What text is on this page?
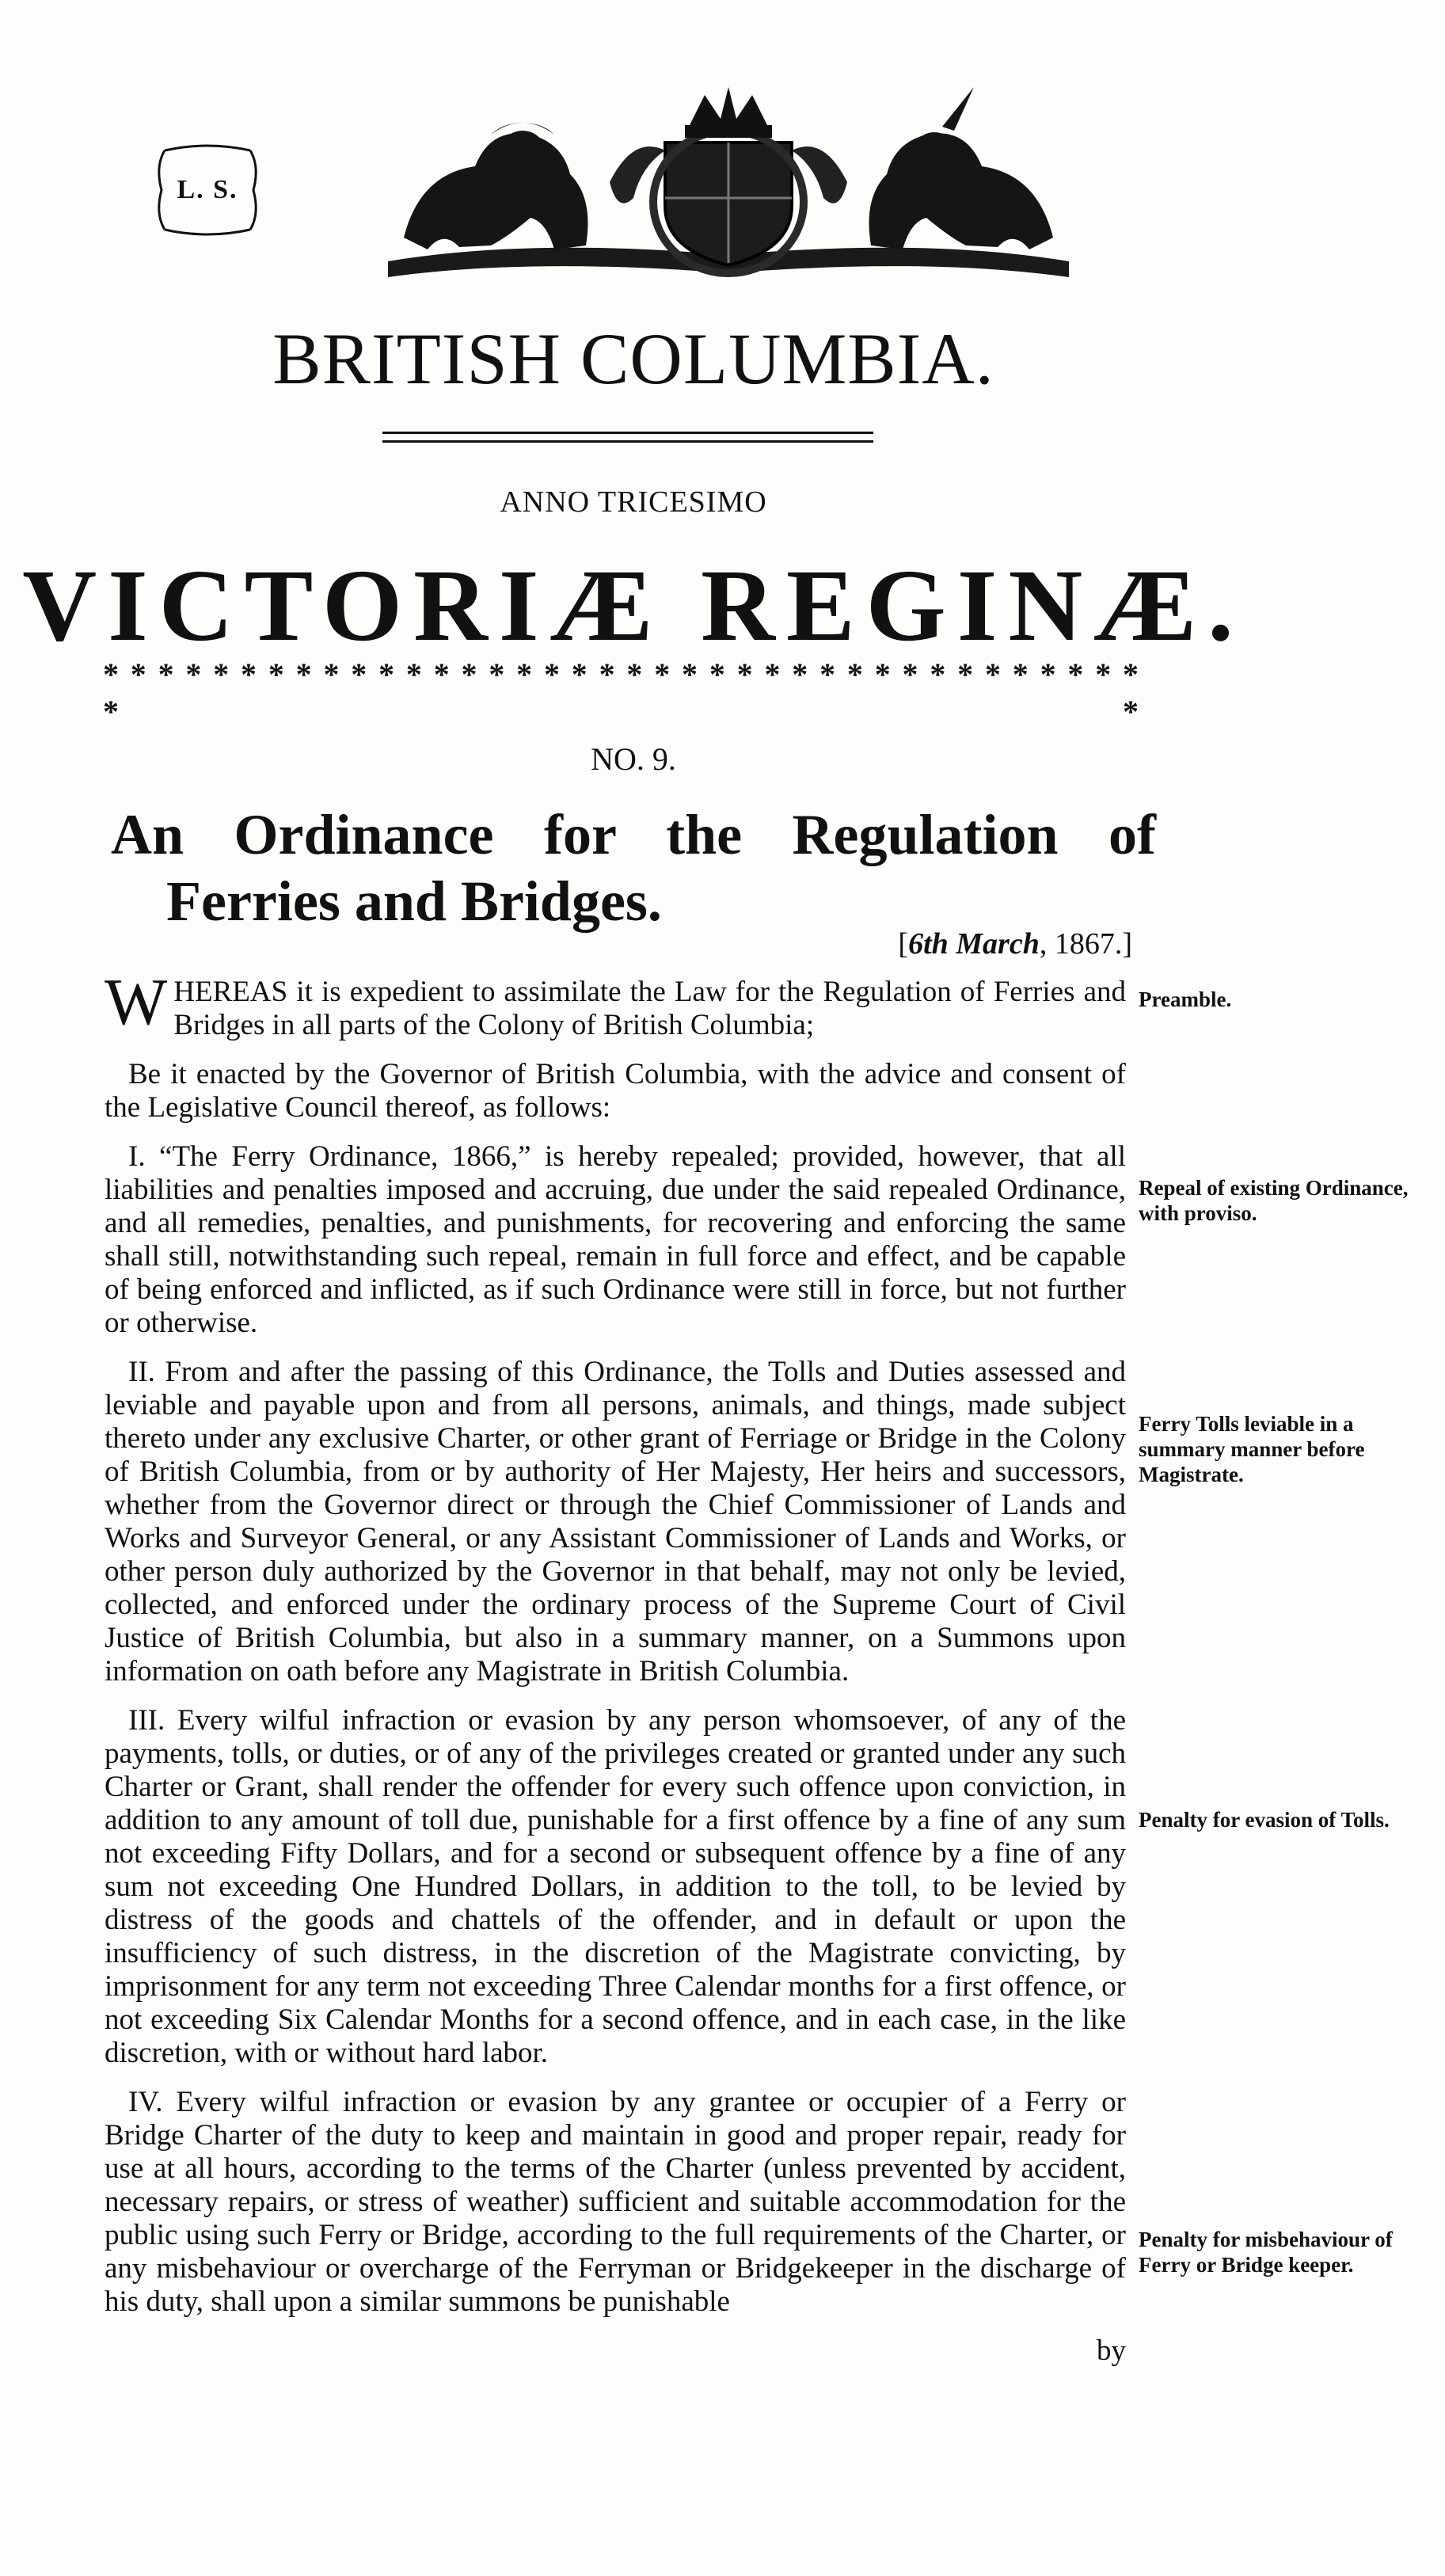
L. S.
BRITISH COLUMBIA.
ANNO TRICESIMO
VICTORIÆ REGINÆ.
* * * * * * * * * * * * * * * * * * * * * * * * * * * * * * * * * * * * * * * *
NO. 9.
An Ordinance for the Regulation of
Ferries and Bridges.
[6th March, 1867.]

WHEREAS it is expedient to assimilate the Law for the Regulation of Ferries and Bridges in all parts of the Colony of British Columbia;

Be it enacted by the Governor of British Columbia, with the advice and consent of the Legislative Council thereof, as follows:

I. “The Ferry Ordinance, 1866,” is hereby repealed; provided, however, that all liabilities and penalties imposed and accruing, due under the said repealed Ordinance, and all remedies, penalties, and punishments, for recovering and enforcing the same shall still, notwithstanding such repeal, remain in full force and effect, and be capable of being enforced and inflicted, as if such Ordinance were still in force, but not further or otherwise.

II. From and after the passing of this Ordinance, the Tolls and Duties assessed and leviable and payable upon and from all persons, animals, and things, made subject thereto under any exclusive Charter, or other grant of Ferriage or Bridge in the Colony of British Columbia, from or by authority of Her Majesty, Her heirs and successors, whether from the Governor direct or through the Chief Commissioner of Lands and Works and Surveyor General, or any Assistant Commissioner of Lands and Works, or other person duly authorized by the Governor in that behalf, may not only be levied, collected, and enforced under the ordinary process of the Supreme Court of Civil Justice of British Columbia, but also in a summary manner, on a Summons upon information on oath before any Magistrate in British Columbia.

III. Every wilful infraction or evasion by any person whomsoever, of any of the payments, tolls, or duties, or of any of the privileges created or granted under any such Charter or Grant, shall render the offender for every such offence upon conviction, in addition to any amount of toll due, punishable for a first offence by a fine of any sum not exceeding Fifty Dollars, and for a second or subsequent offence by a fine of any sum not exceeding One Hundred Dollars, in addition to the toll, to be levied by distress of the goods and chattels of the offender, and in default or upon the insufficiency of such distress, in the discretion of the Magistrate convicting, by imprisonment for any term not exceeding Three Calendar months for a first offence, or not exceeding Six Calendar Months for a second offence, and in each case, in the like discretion, with or without hard labor.

IV. Every wilful infraction or evasion by any grantee or occupier of a Ferry or Bridge Charter of the duty to keep and maintain in good and proper repair, ready for use at all hours, according to the terms of the Charter (unless prevented by accident, necessary repairs, or stress of weather) sufficient and suitable accommodation for the public using such Ferry or Bridge, according to the full requirements of the Charter, or any misbehaviour or overcharge of the Ferryman or Bridgekeeper in the discharge of his duty, shall upon a similar summons be punishable

by

Preamble.
Repeal of existing Ordinance, with proviso.
Ferry Tolls leviable in a summary manner before Magistrate.
Penalty for evasion of Tolls.
Penalty for misbehaviour of Ferry or Bridge keeper.
